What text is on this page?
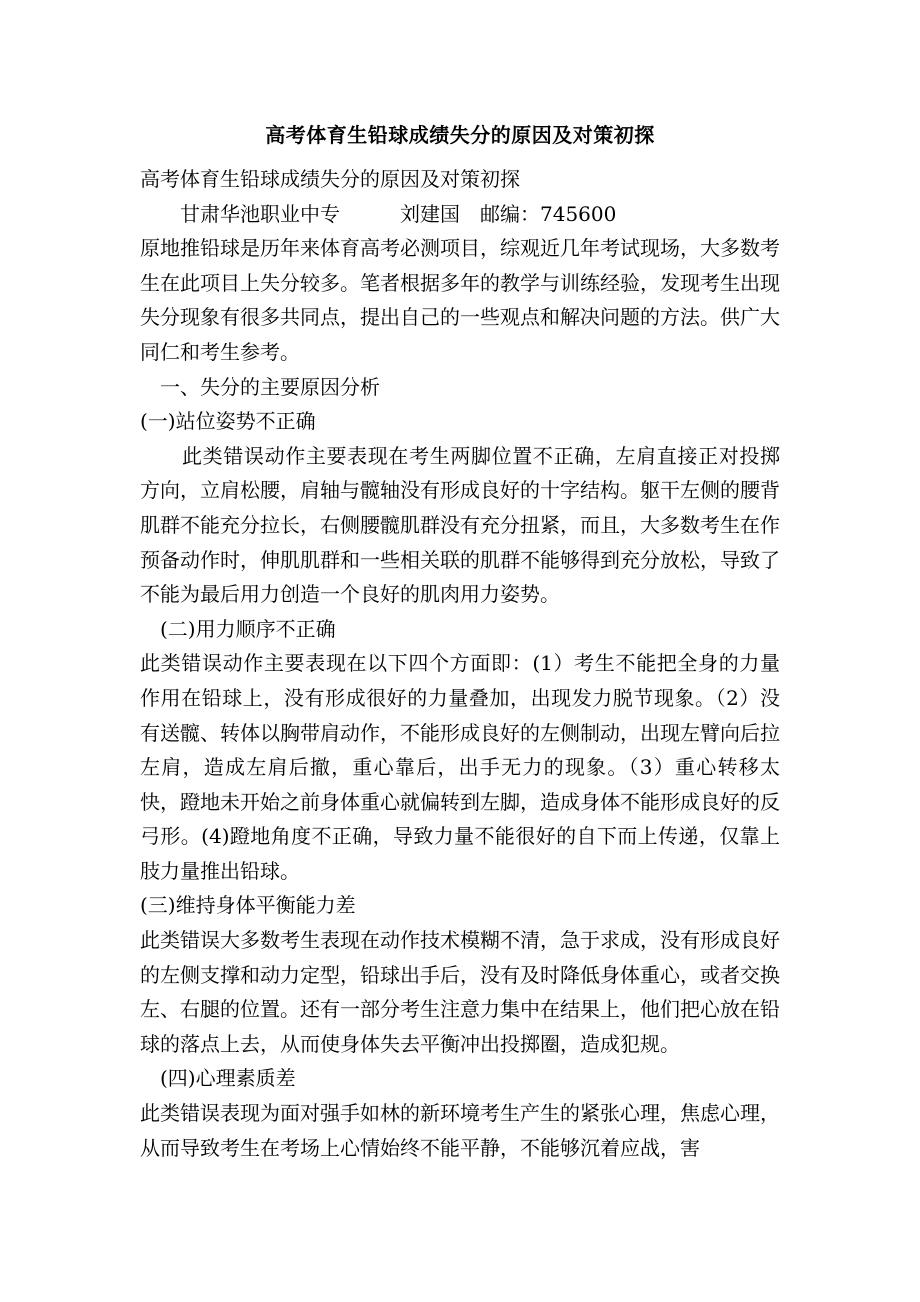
高考体育生铅球成绩失分的原因及对策初探

高考体育生铅球成绩失分的原因及对策初探

甘肃华池职业中专　　　刘建国　邮编：745600

原地推铅球是历年来体育高考必测项目，综观近几年考试现场，大多数考生在此项目上失分较多。笔者根据多年的教学与训练经验，发现考生出现失分现象有很多共同点，提出自己的一些观点和解决问题的方法。供广大同仁和考生参考。

一、失分的主要原因分析

(一)站位姿势不正确

此类错误动作主要表现在考生两脚位置不正确，左肩直接正对投掷方向，立肩松腰，肩轴与髋轴没有形成良好的十字结构。躯干左侧的腰背肌群不能充分拉长，右侧腰髋肌群没有充分扭紧，而且，大多数考生在作预备动作时，伸肌肌群和一些相关联的肌群不能够得到充分放松，导致了 不能为最后用力创造一个良好的肌肉用力姿势。

(二)用力顺序不正确

此类错误动作主要表现在以下四个方面即：(1）考生不能把全身的力量作用在铅球上，没有形成很好的力量叠加，出现发力脱节现象。（2）没有送髋、转体以胸带肩动作，不能形成良好的左侧制动，出现左臂向后拉左肩，造成左肩后撤，重心靠后，出手无力的现象。（3）重心转移太快，蹬地未开始之前身体重心就偏转到左脚，造成身体不能形成良好的反弓形。(4)蹬地角度不正确，导致力量不能很好的自下而上传递，仅靠上肢力量推出铅球。

(三)维持身体平衡能力差

此类错误大多数考生表现在动作技术模糊不清，急于求成，没有形成良好的左侧支撑和动力定型，铅球出手后，没有及时降低身体重心，或者交换左、右腿的位置。还有一部分考生注意力集中在结果上，他们把心放在铅球的落点上去，从而使身体失去平衡冲出投掷圈，造成犯规。

(四)心理素质差

此类错误表现为面对强手如林的新环境考生产生的紧张心理，焦虑心理，从而导致考生在考场上心情始终不能平静，不能够沉着应战，害
